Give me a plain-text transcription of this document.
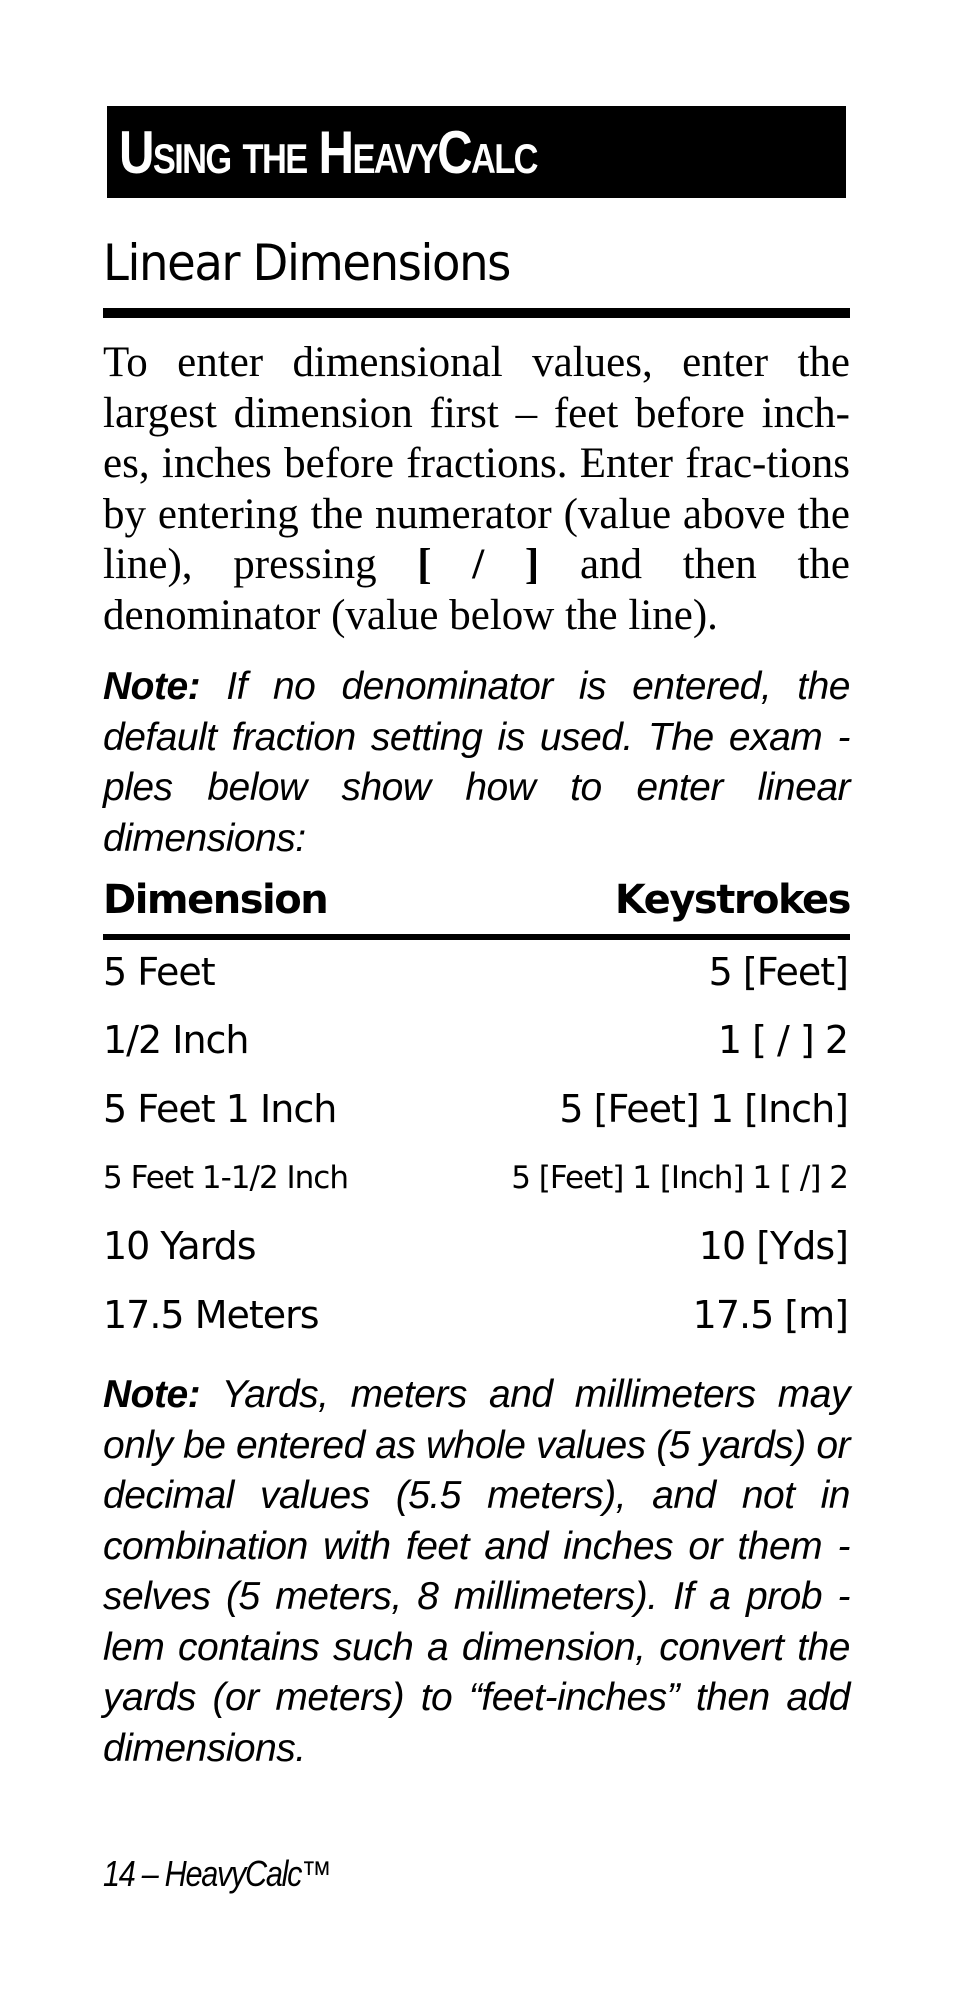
Using the HeavyCalc
Linear Dimensions

To enter dimensional values, enter the largest dimension first – feet before inch-es, inches before fractions. Enter frac-tions by entering the numerator (value above the line), pressing [ / ] and then the denominator (value below the line).

Note: If no denominator is entered, the default fraction setting is used. The exam - ples below show how to enter linear dimensions:

Dimension	Keystrokes
5 Feet	5 [Feet]
1/2 Inch	1 [ / ] 2
5 Feet 1 Inch	5 [Feet] 1 [Inch]
5 Feet 1-1/2 Inch	5 [Feet] 1 [Inch] 1 [ /] 2
10 Yards	10 [Yds]
17.5 Meters	17.5 [m]

Note: Yards, meters and millimeters may only be entered as whole values (5 yards) or decimal values (5.5 meters), and not in combination with feet and inches or them - selves (5 meters, 8 millimeters). If a prob - lem contains such a dimension, convert the yards (or meters) to “feet-inches” then add dimensions.

14 – HeavyCalc™
